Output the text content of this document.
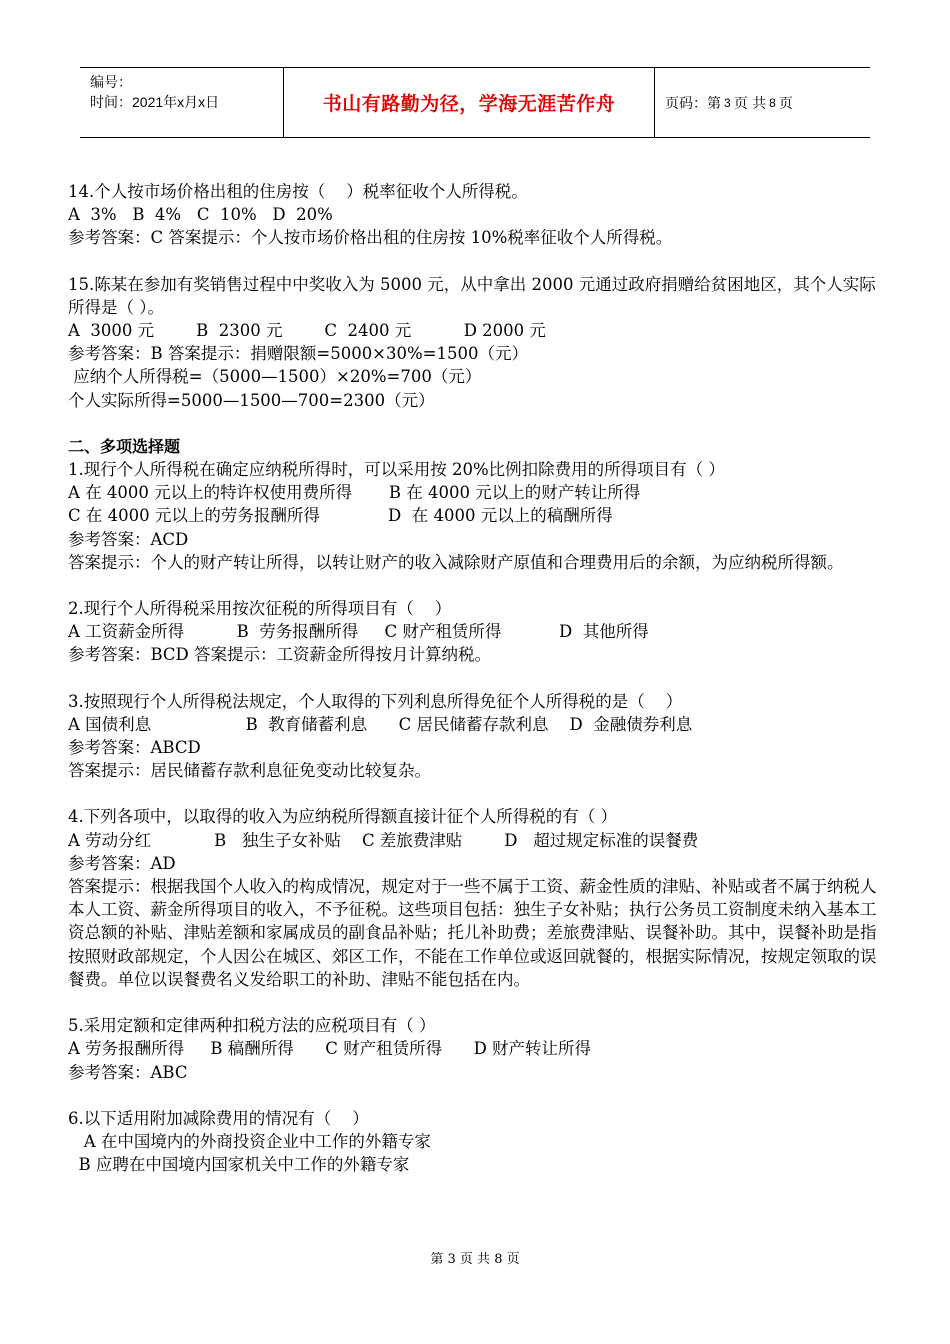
编号：
时间：2021年x月x日	书山有路勤为径，学海无涯苦作舟	页码：第 3 页 共 8 页

14.个人按市场价格出租的住房按（    ）税率征收个人所得税。

A  3%   B  4%   C  10%   D  20%

参考答案：C 答案提示：个人按市场价格出租的住房按 10%税率征收个人所得税。

15.陈某在参加有奖销售过程中中奖收入为 5000 元，从中拿出 2000 元通过政府捐赠给贫困地区，其个人实际所得是（ ）。

A  3000 元        B  2300 元        C  2400 元          D 2000 元

参考答案：B 答案提示：捐赠限额=5000×30%=1500（元）

应纳个人所得税=（5000—1500）×20%=700（元）

个人实际所得=5000—1500—700=2300（元）

二、多项选择题

1.现行个人所得税在确定应纳税所得时，可以采用按 20%比例扣除费用的所得项目有（ ）

A 在 4000 元以上的特许权使用费所得       B 在 4000 元以上的财产转让所得

C 在 4000 元以上的劳务报酬所得             D  在 4000 元以上的稿酬所得

参考答案：ACD

答案提示：个人的财产转让所得，以转让财产的收入减除财产原值和合理费用后的余额，为应纳税所得额。

2.现行个人所得税采用按次征税的所得项目有（    ）

A 工资薪金所得          B  劳务报酬所得     C 财产租赁所得           D  其他所得

参考答案：BCD 答案提示：工资薪金所得按月计算纳税。

3.按照现行个人所得税法规定，个人取得的下列利息所得免征个人所得税的是（    ）

A 国债利息                  B  教育储蓄利息      C 居民储蓄存款利息    D  金融债券利息

参考答案：ABCD

答案提示：居民储蓄存款利息征免变动比较复杂。

4.下列各项中，以取得的收入为应纳税所得额直接计征个人所得税的有（ ）

A 劳动分红            B   独生子女补贴    C 差旅费津贴        D   超过规定标准的误餐费

参考答案：AD

答案提示：根据我国个人收入的构成情况，规定对于一些不属于工资、薪金性质的津贴、补贴或者不属于纳税人本人工资、薪金所得项目的收入，不予征税。这些项目包括：独生子女补贴；执行公务员工资制度未纳入基本工资总额的补贴、津贴差额和家属成员的副食品补贴；托儿补助费；差旅费津贴、误餐补助。其中，误餐补助是指按照财政部规定，个人因公在城区、郊区工作，不能在工作单位或返回就餐的，根据实际情况，按规定领取的误餐费。单位以误餐费名义发给职工的补助、津贴不能包括在内。

5.采用定额和定律两种扣税方法的应税项目有（ ）

A 劳务报酬所得     B 稿酬所得      C 财产租赁所得      D 财产转让所得

参考答案：ABC

6.以下适用附加减除费用的情况有（    ）

A 在中国境内的外商投资企业中工作的外籍专家

B 应聘在中国境内国家机关中工作的外籍专家

第 3 页 共 8 页
